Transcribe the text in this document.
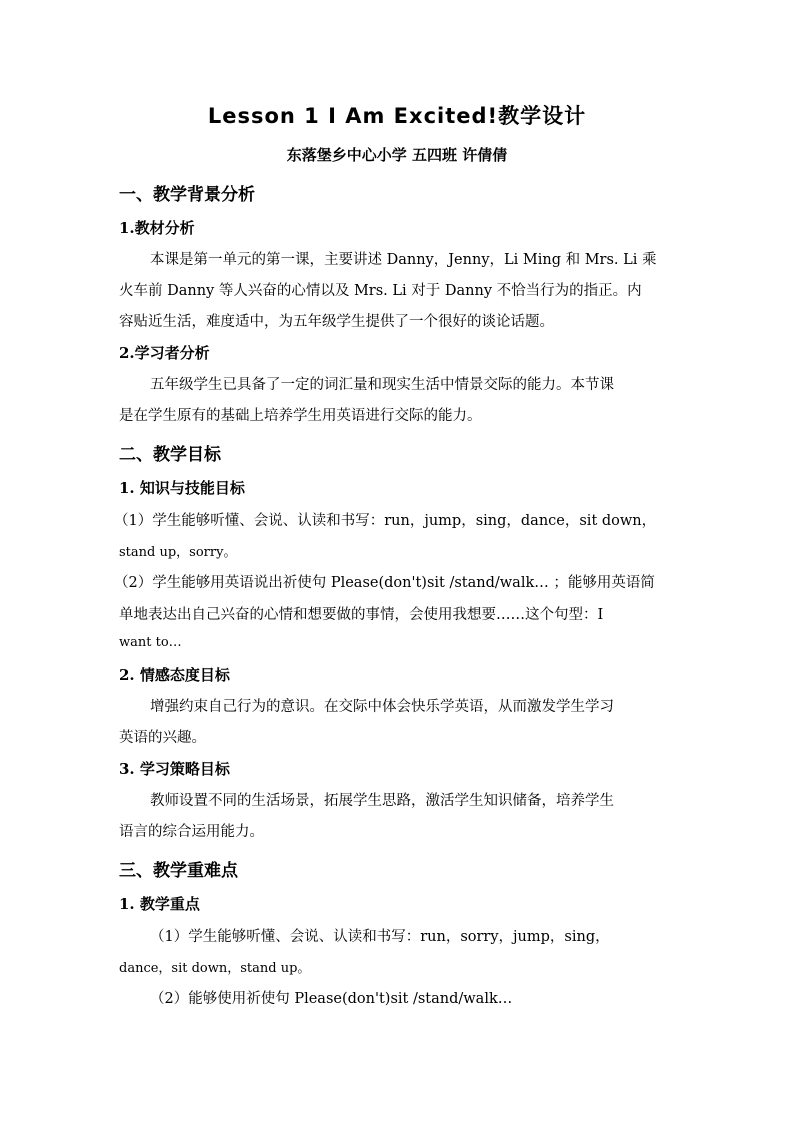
Lesson 1 I Am Excited!教学设计
东落堡乡中心小学 五四班 许倩倩
一、教学背景分析
1.教材分析
本课是第一单元的第一课，主要讲述 Danny，Jenny，Li Ming 和 Mrs. Li 乘
火车前 Danny 等人兴奋的心情以及 Mrs. Li 对于 Danny 不恰当行为的指正。内
容贴近生活，难度适中，为五年级学生提供了一个很好的谈论话题。
2.学习者分析
五年级学生已具备了一定的词汇量和现实生活中情景交际的能力。本节课
是在学生原有的基础上培养学生用英语进行交际的能力。
二、教学目标
1. 知识与技能目标
（1）学生能够听懂、会说、认读和书写：run，jump，sing，dance，sit down，
stand up，sorry。
（2）学生能够用英语说出祈使句 Please(don't)sit /stand/walk… ；能够用英语简
单地表达出自己兴奋的心情和想要做的事情，会使用我想要……这个句型：I
want to…
2. 情感态度目标
增强约束自己行为的意识。在交际中体会快乐学英语，从而激发学生学习
英语的兴趣。
3. 学习策略目标
教师设置不同的生活场景，拓展学生思路，激活学生知识储备，培养学生
语言的综合运用能力。
三、教学重难点
1. 教学重点
（1）学生能够听懂、会说、认读和书写：run，sorry，jump，sing，
dance，sit down，stand up。
（2）能够使用祈使句 Please(don't)sit /stand/walk…
